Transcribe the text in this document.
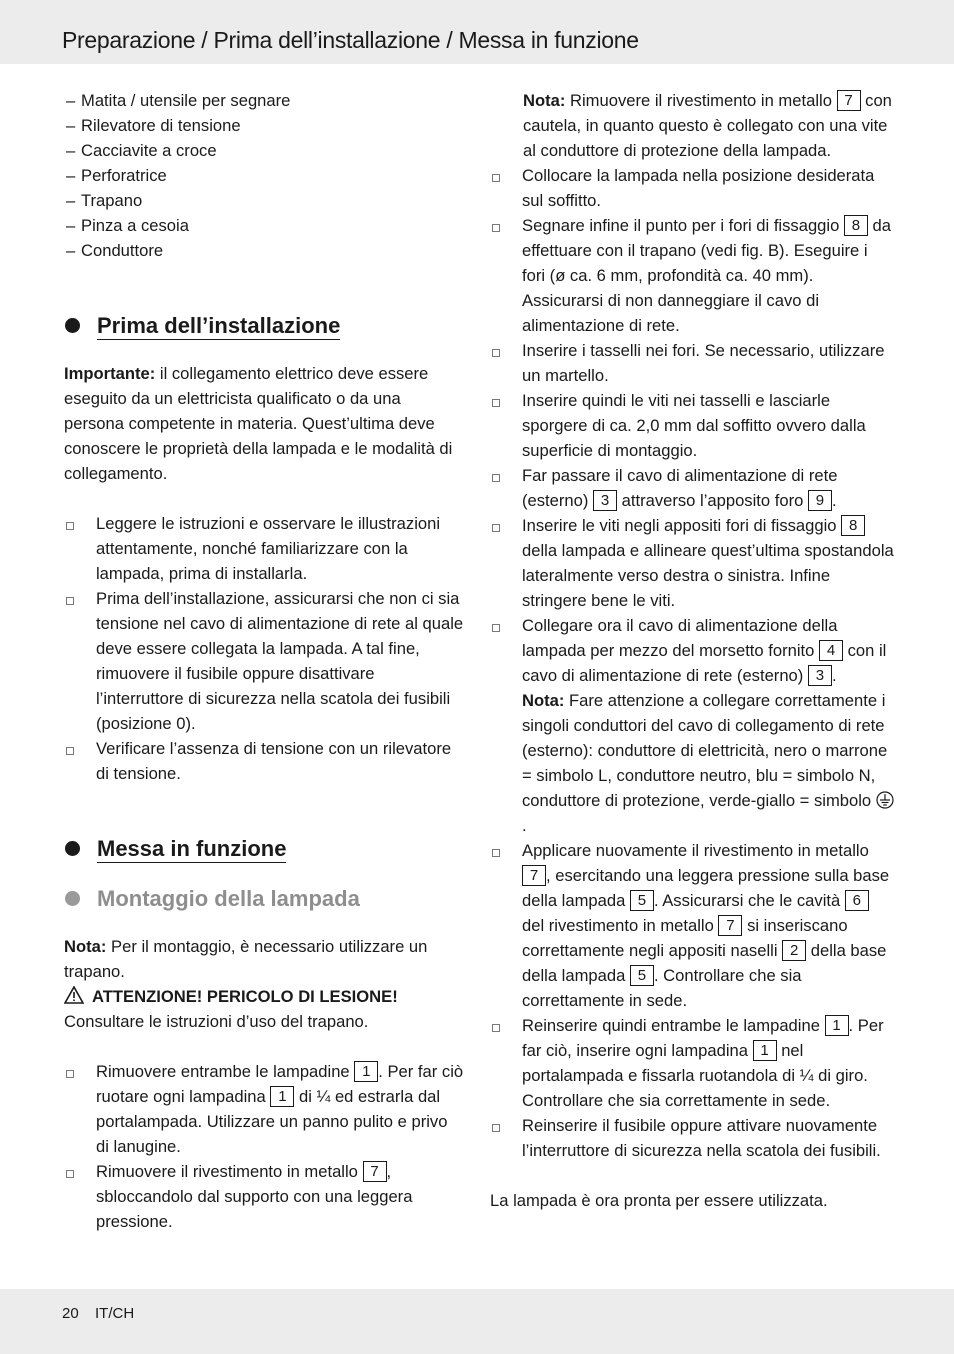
Preparazione / Prima dell’installazione / Messa in funzione

– Matita / utensile per segnare

– Rilevatore di tensione

– Cacciavite a croce

– Perforatrice

– Trapano

– Pinza a cesoia

– Conduttore

Prima dell’installazione

Importante: il collegamento elettrico deve essere eseguito da un elettricista qualificato o da una persona competente in materia. Quest’ultima deve conoscere le proprietà della lampada e le modalità di collegamento.

Leggere le istruzioni e osservare le illustrazioni attentamente, nonché familiarizzare con la lampada, prima di installarla.

Prima dell’installazione, assicurarsi che non ci sia tensione nel cavo di alimentazione di rete al quale deve essere collegata la lampada. A tal fine, rimuovere il fusibile oppure disattivare l’interruttore di sicurezza nella scatola dei fusibili (posizione 0).

Verificare l’assenza di tensione con un rilevatore di tensione.

Messa in funzione
Montaggio della lampada

Nota: Per il montaggio, è necessario utilizzare un trapano.

ATTENZIONE! PERICOLO DI LESIONE!

Consultare le istruzioni d’uso del trapano.

Rimuovere entrambe le lampadine 1 . Per far ciò ruotare ogni lampadina 1 di ¼ ed estrarla dal portalampada. Utilizzare un panno pulito e privo di lanugine.

Rimuovere il rivestimento in metallo 7 , sbloccandolo dal supporto con una leggera pressione.

Nota: Rimuovere il rivestimento in metallo 7 con cautela, in quanto questo è collegato con una vite al conduttore di protezione della lampada.

Collocare la lampada nella posizione desiderata sul soffitto.

Segnare infine il punto per i fori di fissaggio 8 da effettuare con il trapano (vedi fig. B). Eseguire i fori (ø ca. 6 mm, profondità ca. 40 mm). Assicurarsi di non danneggiare il cavo di alimentazione di rete.

Inserire i tasselli nei fori. Se necessario, utilizzare un martello.

Inserire quindi le viti nei tasselli e lasciarle sporgere di ca. 2,0 mm dal soffitto ovvero dalla superficie di montaggio.

Far passare il cavo di alimentazione di rete (esterno) 3 attraverso l’apposito foro 9 .

Inserire le viti negli appositi fori di fissaggio 8 della lampada e allineare quest’ultima spostandola lateralmente verso destra o sinistra. Infine stringere bene le viti.

Collegare ora il cavo di alimentazione della lampada per mezzo del morsetto fornito 4 con il cavo di alimentazione di rete (esterno) 3 .
Nota: Fare attenzione a collegare correttamente i singoli conduttori del cavo di collegamento di rete (esterno): conduttore di elettricità, nero o marrone = simbolo L, conduttore neutro, blu = simbolo N, conduttore di protezione, verde-giallo = simbolo .

Applicare nuovamente il rivestimento in metallo 7 , esercitando una leggera pressione sulla base della lampada 5 . Assicurarsi che le cavità 6 del rivestimento in metallo 7 si inseriscano correttamente negli appositi naselli 2 della base della lampada 5 . Controllare che sia correttamente in sede.

Reinserire quindi entrambe le lampadine 1 . Per far ciò, inserire ogni lampadina 1 nel portalampada e fissarla ruotandola di ¼ di giro. Controllare che sia correttamente in sede.

Reinserire il fusibile oppure attivare nuovamente l’interruttore di sicurezza nella scatola dei fusibili.

La lampada è ora pronta per essere utilizzata.

20 IT/CH
